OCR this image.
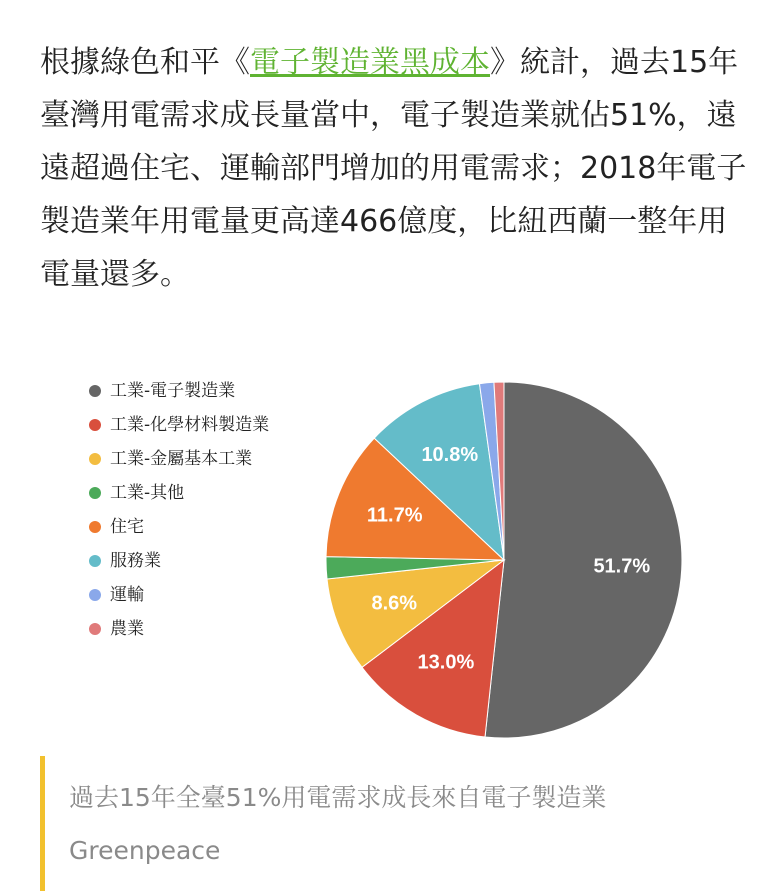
根據綠色和平《電子製造業黑成本》統計，過去15年臺灣用電需求成長量當中，電子製造業就佔51%，遠遠超過住宅、運輸部門增加的用電需求；2018年電子製造業年用電量更高達466億度，比紐西蘭一整年用電量還多。

工業-電子製造業
工業-化學材料製造業
工業-金屬基本工業
工業-其他
住宅
服務業
運輸
農業
51.7%
13.0%
8.6%
11.7%
10.8%
過去15年全臺51%用電需求成長來自電子製造業
Greenpeace
